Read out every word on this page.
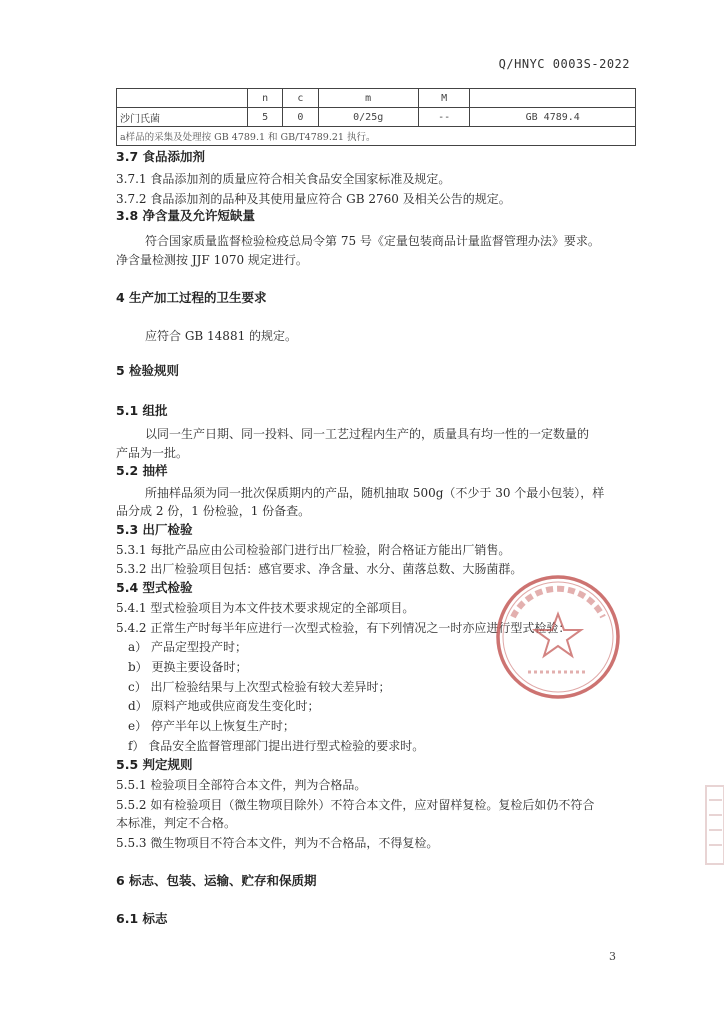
Q/HNYC 0003S-2022
	n	c	m	M	
沙门氏菌	5	0	0/25g	--	GB 4789.4
a样品的采集及处理按 GB 4789.1 和 GB/T4789.21 执行。					
3.7 食品添加剂
3.7.1 食品添加剂的质量应符合相关食品安全国家标准及规定。
3.7.2 食品添加剂的品种及其使用量应符合 GB 2760 及相关公告的规定。
3.8 净含量及允许短缺量
符合国家质量监督检验检疫总局令第 75 号《定量包装商品计量监督管理办法》要求。
净含量检测按 JJF 1070 规定进行。
4 生产加工过程的卫生要求
应符合 GB 14881 的规定。
5 检验规则
5.1 组批
以同一生产日期、同一投料、同一工艺过程内生产的，质量具有均一性的一定数量的
产品为一批。
5.2 抽样
所抽样品须为同一批次保质期内的产品，随机抽取 500g（不少于 30 个最小包装），样
品分成 2 份，1 份检验，1 份备查。
5.3 出厂检验
5.3.1 每批产品应由公司检验部门进行出厂检验，附合格证方能出厂销售。
5.3.2 出厂检验项目包括：感官要求、净含量、水分、菌落总数、大肠菌群。
5.4 型式检验
5.4.1 型式检验项目为本文件技术要求规定的全部项目。
5.4.2 正常生产时每半年应进行一次型式检验，有下列情况之一时亦应进行型式检验：
a） 产品定型投产时；
b） 更换主要设备时；
c） 出厂检验结果与上次型式检验有较大差异时；
d） 原料产地或供应商发生变化时；
e） 停产半年以上恢复生产时；
f） 食品安全监督管理部门提出进行型式检验的要求时。
5.5 判定规则
5.5.1 检验项目全部符合本文件，判为合格品。
5.5.2 如有检验项目（微生物项目除外）不符合本文件，应对留样复检。复检后如仍不符合
本标准，判定不合格。
5.5.3 微生物项目不符合本文件，判为不合格品，不得复检。
6 标志、包装、运输、贮存和保质期
6.1 标志
3
